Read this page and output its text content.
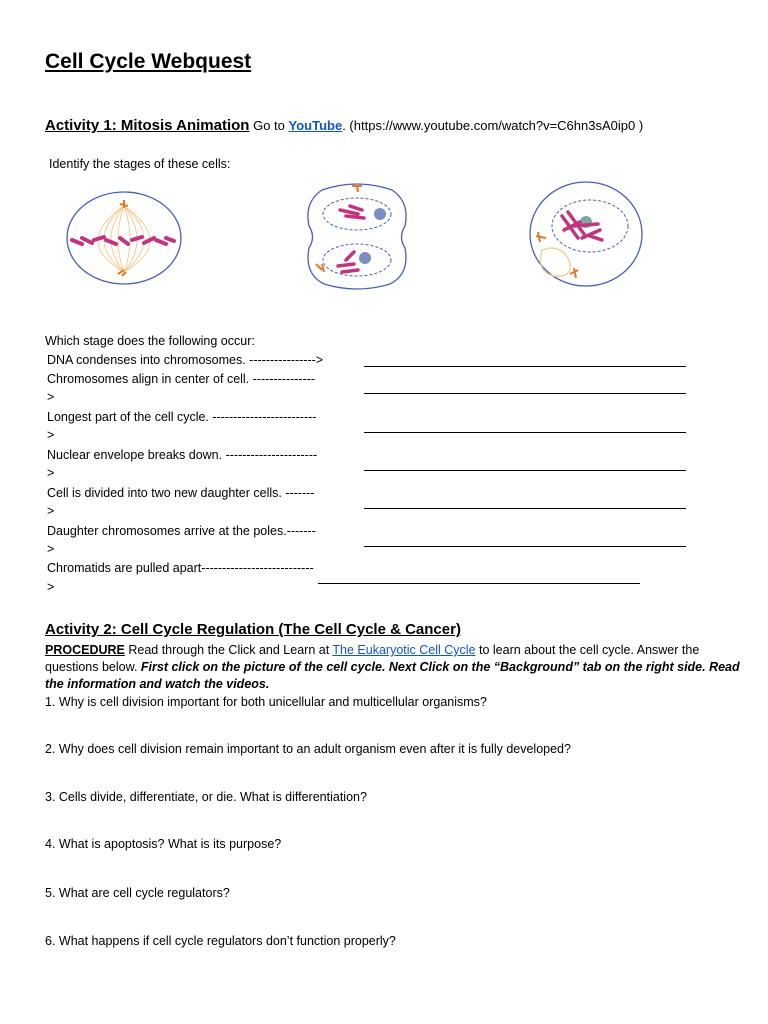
Cell Cycle Webquest
Activity 1: Mitosis Animation Go to YouTube. (https://www.youtube.com/watch?v=C6hn3sA0ip0 )
Identify the stages of these cells:
Which stage does the following occur:
DNA condenses into chromosomes. ---------------->
Chromosomes align in center of cell. ---------------
>
Longest part of the cell cycle. -------------------------
>
Nuclear envelope breaks down. ----------------------
>
Cell is divided into two new daughter cells. -------
>
Daughter chromosomes arrive at the poles.-------
>
Chromatids are pulled apart---------------------------
>
Activity 2: Cell Cycle Regulation (The Cell Cycle & Cancer)
PROCEDURE Read through the Click and Learn at The Eukaryotic Cell Cycle to learn about the cell cycle. Answer the
questions below. First click on the picture of the cell cycle. Next Click on the “Background” tab on the right side. Read
the information and watch the videos.
1. Why is cell division important for both unicellular and multicellular organisms?
2. Why does cell division remain important to an adult organism even after it is fully developed?
3. Cells divide, differentiate, or die. What is differentiation?
4. What is apoptosis? What is its purpose?
5. What are cell cycle regulators?
6. What happens if cell cycle regulators don’t function properly?
